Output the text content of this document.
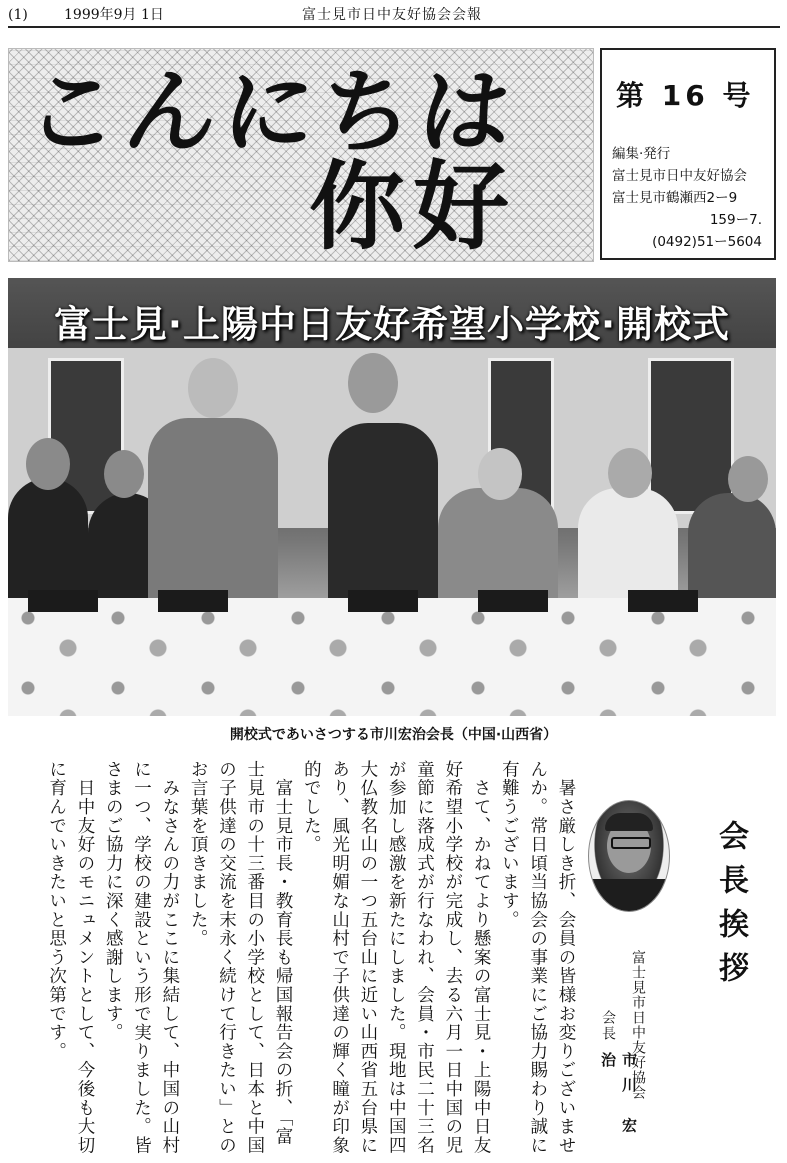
(1)	1999年9月 1日	富士見市日中友好協会会報
こんにちは
你好
第 16 号
編集·発行
富士見市日中友好協会
富士見市鶴瀬西2ー9
159ー7.
(0492)51ー5604
富士見·上陽中日友好希望小学校·開校式
開校式であいさつする市川宏治会長（中国·山西省）

　暑さ厳しき折、会員の皆様お変りございませんか。常日頃当協会の事業にご協力賜わり誠に有難うございます。

　さて、かねてより懸案の富士見・上陽中日友好希望小学校が完成し、去る六月一日中国の児童節に落成式が行なわれ、会員・市民二十三名が参加し感激を新たにしました。現地は中国四大仏教名山の一つ五台山に近い山西省五台県にあり、風光明媚な山村で子供達の輝く瞳が印象的でした。

　富士見市長・教育長も帰国報告会の折、「富士見市の十三番目の小学校として、日本と中国の子供達の交流を末永く続けて行きたい」とのお言葉を頂きました。

　みなさんの力がここに集結して、中国の山村に一つ、学校の建設という形で実りました。皆さまのご協力に深く感謝します。

　日中友好のモニュメントとして、今後も大切に育んでいきたいと思う次第です。	会長挨拶
富士見市日中友好協会
会長
市川 宏治
